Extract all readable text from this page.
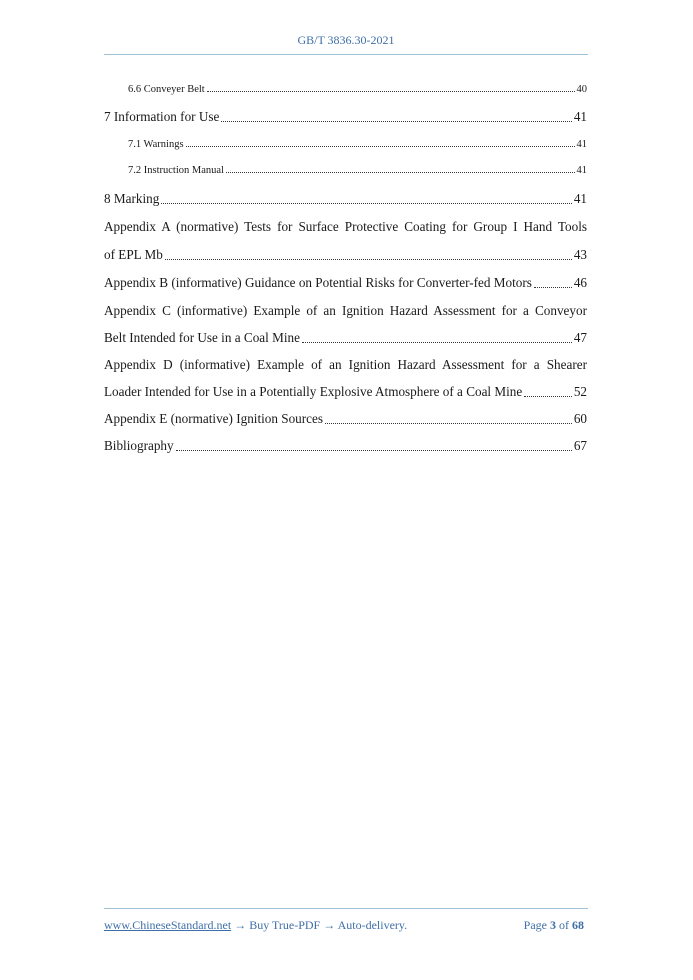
GB/T 3836.30-2021
6.6 Conveyer Belt	40
7 Information for Use	41
7.1 Warnings	41
7.2 Instruction Manual	41
8 Marking	41
Appendix A (normative) Tests for Surface Protective Coating for Group I Hand Tools
of EPL Mb	43
Appendix B (informative) Guidance on Potential Risks for Converter-fed Motors	46
Appendix C (informative) Example of an Ignition Hazard Assessment for a Conveyor
Belt Intended for Use in a Coal Mine	47
Appendix D (informative) Example of an Ignition Hazard Assessment for a Shearer
Loader Intended for Use in a Potentially Explosive Atmosphere of a Coal Mine	52
Appendix E (normative) Ignition Sources	60
Bibliography	67
www.ChineseStandard.net → Buy True-PDF → Auto-delivery.	Page 3 of 68
